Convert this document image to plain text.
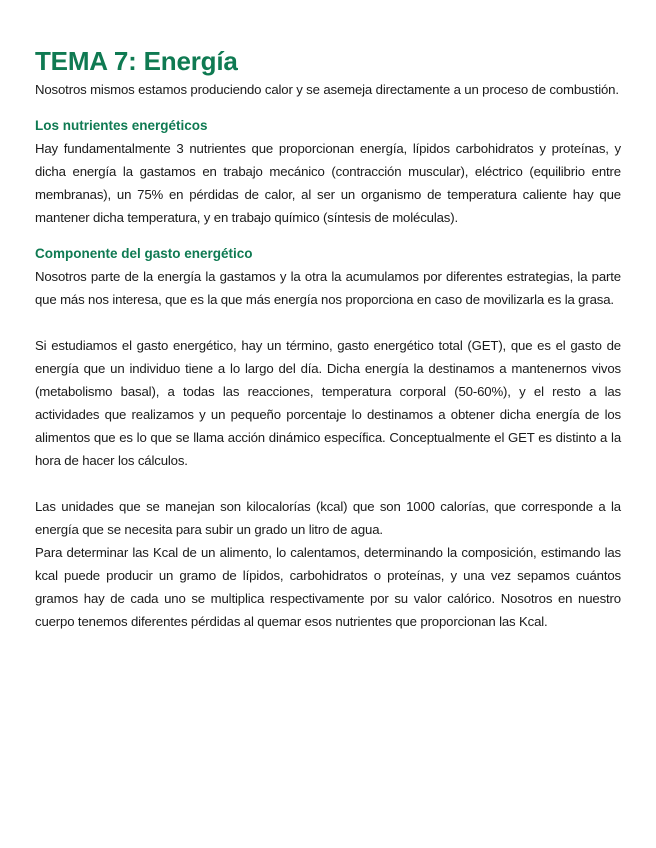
TEMA 7: Energía

Nosotros mismos estamos produciendo calor y se asemeja directamente a un proceso de combustión.

Los nutrientes energéticos

Hay fundamentalmente 3 nutrientes que proporcionan energía, lípidos carbohidratos y proteínas, y dicha energía la gastamos en trabajo mecánico (contracción muscular), eléctrico (equilibrio entre membranas), un 75% en pérdidas de calor, al ser un organismo de temperatura caliente hay que mantener dicha temperatura, y en trabajo químico (síntesis de moléculas).

Componente del gasto energético

Nosotros parte de la energía la gastamos y la otra la acumulamos por diferentes estrategias, la parte que más nos interesa, que es la que más energía nos proporciona en caso de movilizarla es la grasa.

Si estudiamos el gasto energético, hay un término, gasto energético total (GET), que es el gasto de energía que un individuo tiene a lo largo del día. Dicha energía la destinamos a mantenernos vivos (metabolismo basal), a todas las reacciones, temperatura corporal (50-60%), y el resto a las actividades que realizamos y un pequeño porcentaje lo destinamos a obtener dicha energía de los alimentos que es lo que se llama acción dinámico específica. Conceptualmente el GET es distinto a la hora de hacer los cálculos.

Las unidades que se manejan son kilocalorías (kcal) que son 1000 calorías, que corresponde a la energía que se necesita para subir un grado un litro de agua.

Para determinar las Kcal de un alimento, lo calentamos, determinando la composición, estimando las kcal puede producir un gramo de lípidos, carbohidratos o proteínas, y una vez sepamos cuántos gramos hay de cada uno se multiplica respectivamente por su valor calórico. Nosotros en nuestro cuerpo tenemos diferentes pérdidas al quemar esos nutrientes que proporcionan las Kcal.
